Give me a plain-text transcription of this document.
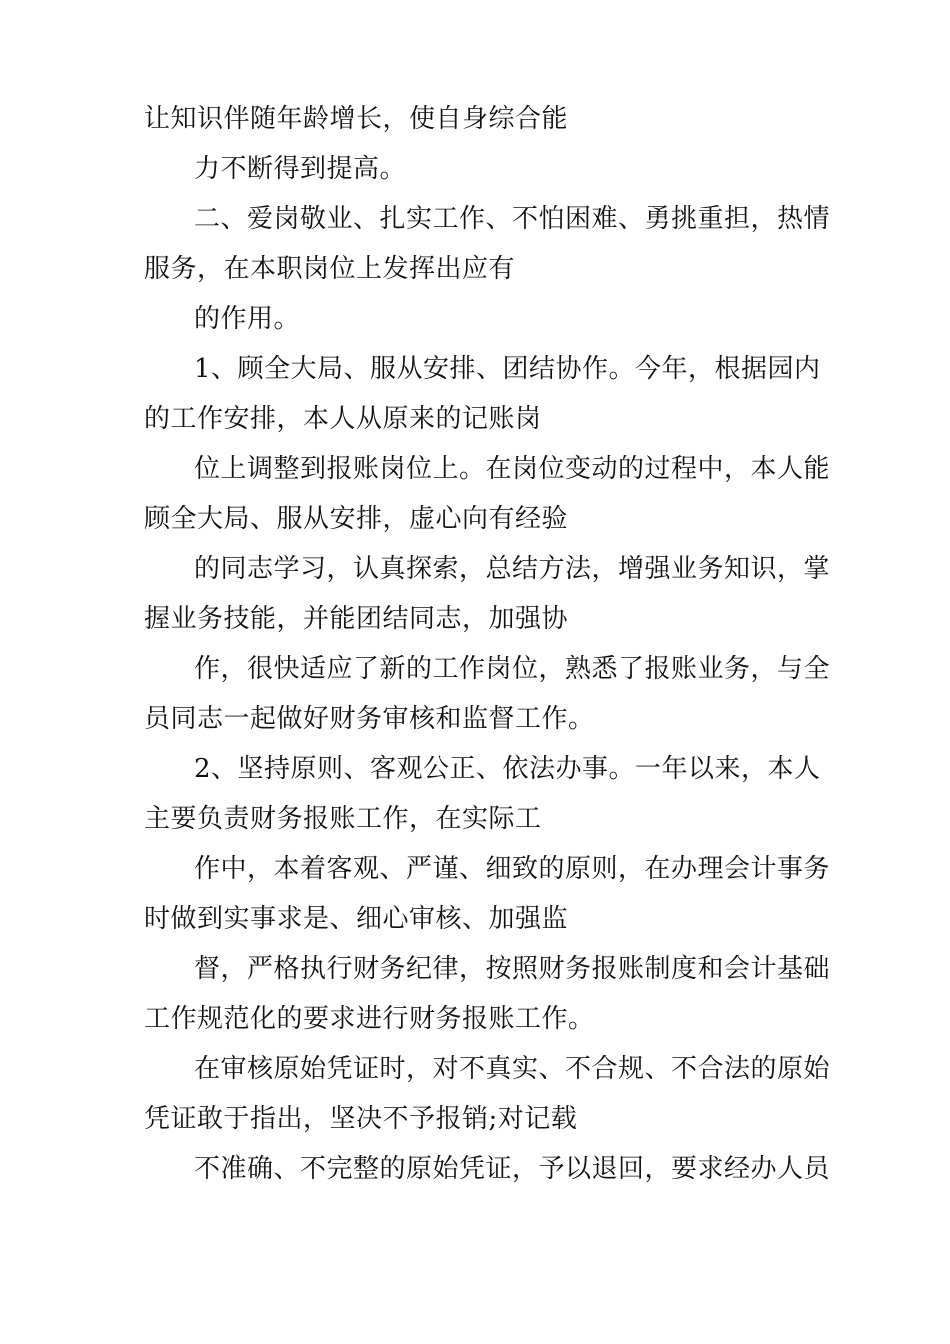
让知识伴随年龄增长，使自身综合能
力不断得到提高。
二、爱岗敬业、扎实工作、不怕困难、勇挑重担，热情
服务，在本职岗位上发挥出应有
的作用。
1、顾全大局、服从安排、团结协作。今年，根据园内
的工作安排，本人从原来的记账岗
位上调整到报账岗位上。在岗位变动的过程中，本人能
顾全大局、服从安排，虚心向有经验
的同志学习，认真探索，总结方法，增强业务知识，掌
握业务技能，并能团结同志，加强协
作，很快适应了新的工作岗位，熟悉了报账业务，与全
员同志一起做好财务审核和监督工作。
2、坚持原则、客观公正、依法办事。一年以来，本人
主要负责财务报账工作，在实际工
作中，本着客观、严谨、细致的原则，在办理会计事务
时做到实事求是、细心审核、加强监
督，严格执行财务纪律，按照财务报账制度和会计基础
工作规范化的要求进行财务报账工作。
在审核原始凭证时，对不真实、不合规、不合法的原始
凭证敢于指出，坚决不予报销;对记载
不准确、不完整的原始凭证，予以退回，要求经办人员
